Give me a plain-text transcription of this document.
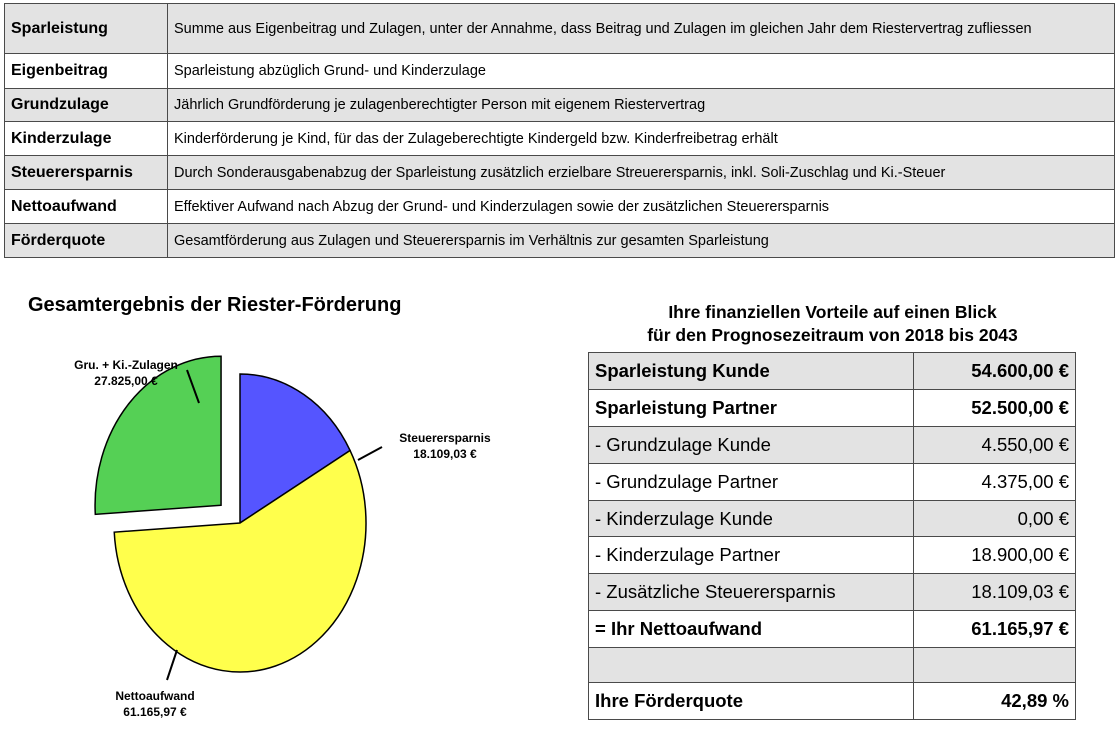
Sparleistung	Summe aus Eigenbeitrag und Zulagen, unter der Annahme, dass Beitrag und Zulagen im gleichen Jahr dem Riestervertrag zufliessen
Eigenbeitrag	Sparleistung abzüglich Grund- und Kinderzulage
Grundzulage	Jährlich Grundförderung je zulagenberechtigter Person mit eigenem Riestervertrag
Kinderzulage	Kinderförderung je Kind, für das der Zulageberechtigte Kindergeld bzw. Kinderfreibetrag erhält
Steuerersparnis	Durch Sonderausgabenabzug der Sparleistung zusätzlich erzielbare Streuerersparnis, inkl. Soli-Zuschlag und Ki.-Steuer
Nettoaufwand	Effektiver Aufwand nach Abzug der Grund- und Kinderzulagen sowie der zusätzlichen Steuerersparnis
Förderquote	Gesamtförderung aus Zulagen und Steuerersparnis im Verhältnis zur gesamten Sparleistung
Gesamtergebnis der Riester-Förderung
Steuerersparnis
18.109,03 €
Nettoaufwand
61.165,97 €
Gru. + Ki.-Zulagen
27.825,00 €
Ihre finanziellen Vorteile auf einen Blick
für den Prognosezeitraum von 2018 bis 2043
Sparleistung Kunde	54.600,00 €
Sparleistung Partner	52.500,00 €
- Grundzulage Kunde	4.550,00 €
- Grundzulage Partner	4.375,00 €
- Kinderzulage Kunde	0,00 €
- Kinderzulage Partner	18.900,00 €
- Zusätzliche Steuerersparnis	18.109,03 €
= Ihr Nettoaufwand	61.165,97 €

Ihre Förderquote	42,89 %
